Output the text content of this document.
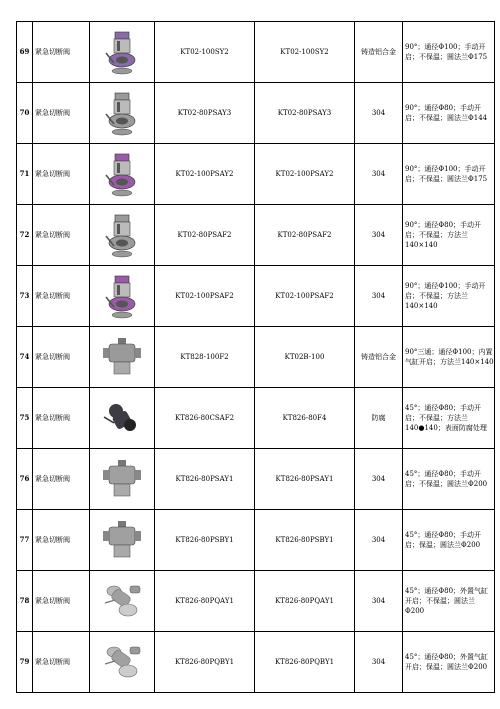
69	紧急切断阀		KT02-100SY2	KT02-100SY2	铸造铝合金	90°；通径Φ100；手动开启；不保温；圆法兰Φ175
70	紧急切断阀		KT02-80PSAY3	KT02-80PSAY3	304	90°；通径Φ80；手动开启；不保温；圆法兰Φ144
71	紧急切断阀		KT02-100PSAY2	KT02-100PSAY2	304	90°；通径Φ100；手动开启；不保温；圆法兰Φ175
72	紧急切断阀		KT02-80PSAF2	KT02-80PSAF2	304	90°；通径Φ80；手动开启；不保温；方法兰140×140
73	紧急切断阀		KT02-100PSAF2	KT02-100PSAF2	304	90°；通径Φ100；手动开启；不保温；方法兰140×140
74	紧急切断阀		KT828-100F2	KT02B-100	铸造铝合金	90°三通；通径Φ100；内置气缸开启；方法兰140×140
75	紧急切断阀		KT826-80CSAF2	KT826-80F4	防腐	45°；通径Φ80；手动开启；不保温；方法兰140●140；表面防腐处理
76	紧急切断阀		KT826-80PSAY1	KT826-80PSAY1	304	45°；通径Φ80；手动开启；不保温；圆法兰Φ200
77	紧急切断阀		KT826-80PSBY1	KT826-80PSBY1	304	45°；通径Φ80；手动开启；保温；圆法兰Φ200
78	紧急切断阀		KT826-80PQAY1	KT826-80PQAY1	304	45°；通径Φ80；外置气缸开启；不保温；圆法兰Φ200
79	紧急切断阀		KT826-80PQBY1	KT826-80PQBY1	304	45°；通径Φ80；外置气缸开启；保温；圆法兰Φ200
